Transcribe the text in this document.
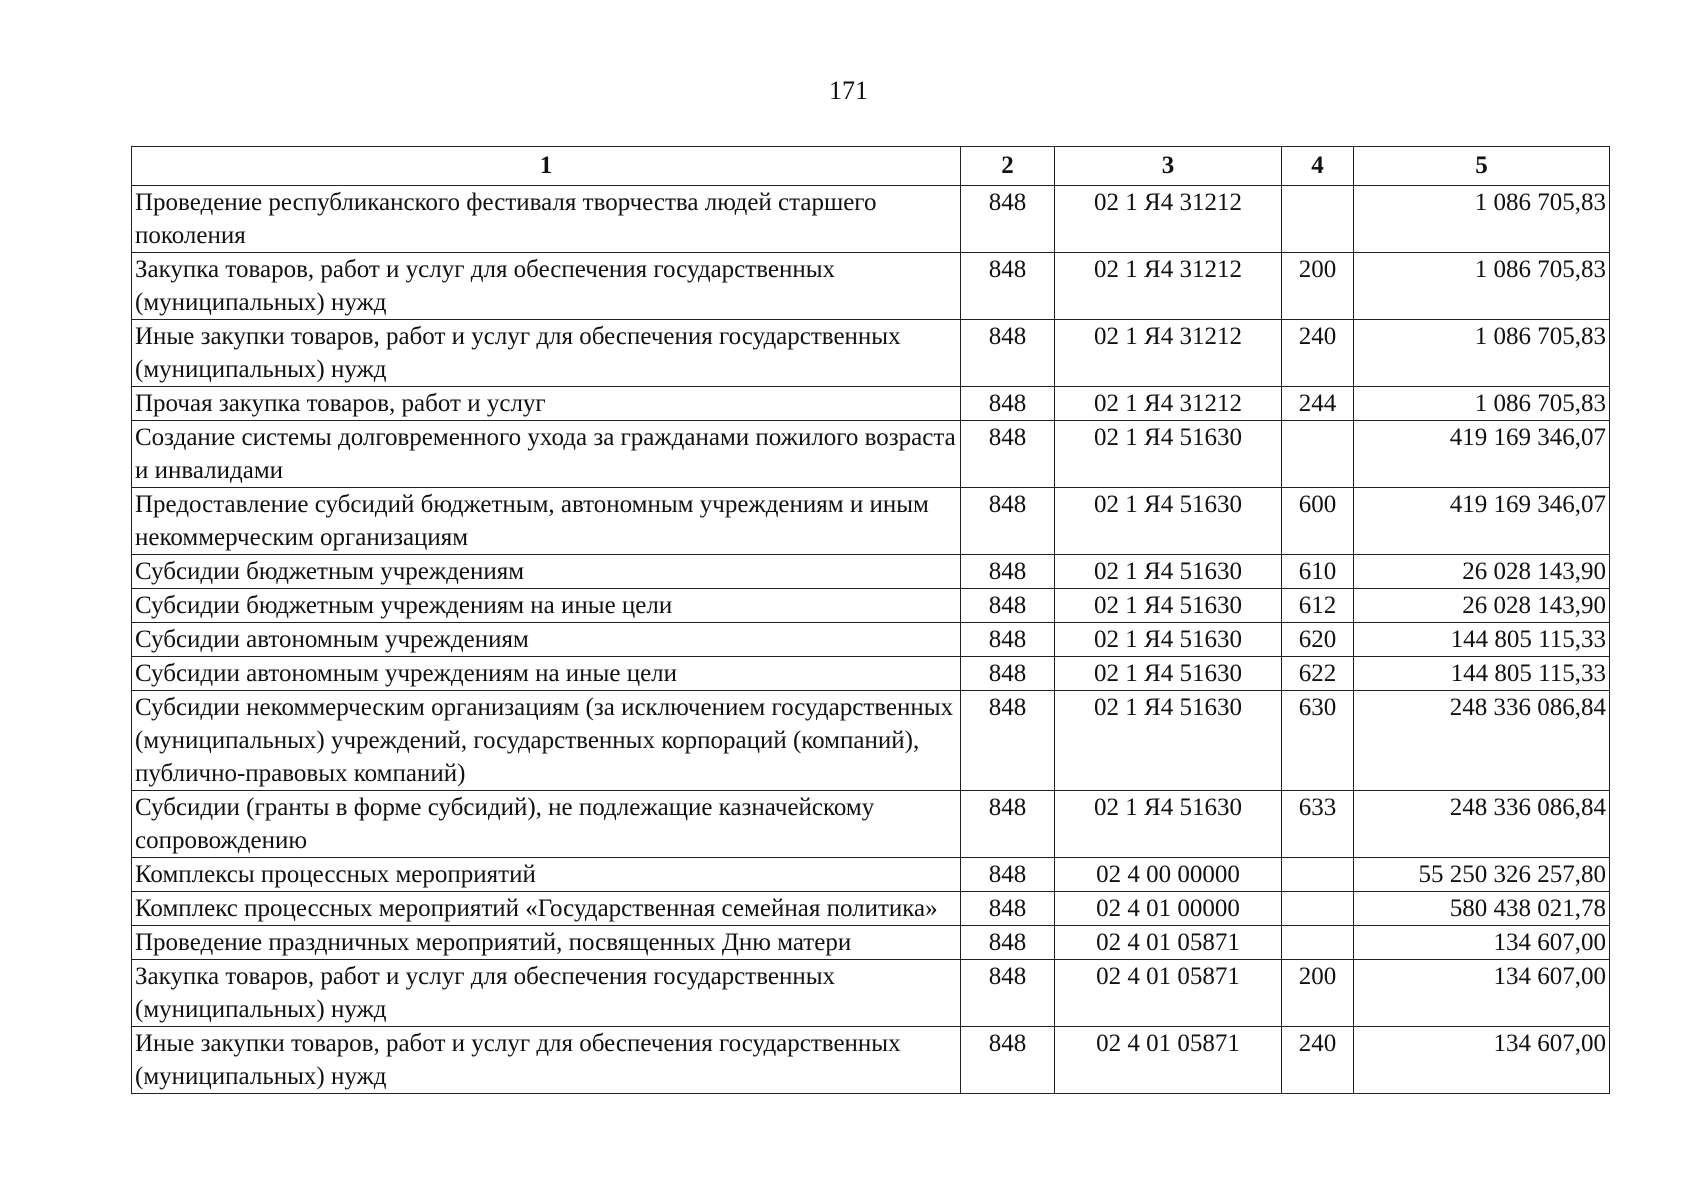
171
1	2	3	4	5
Проведение республиканского фестиваля творчества людей старшего поколения	848	02 1 Я4 31212		1 086 705,83
Закупка товаров, работ и услуг для обеспечения государственных (муниципальных) нужд	848	02 1 Я4 31212	200	1 086 705,83
Иные закупки товаров, работ и услуг для обеспечения государственных (муниципальных) нужд	848	02 1 Я4 31212	240	1 086 705,83
Прочая закупка товаров, работ и услуг	848	02 1 Я4 31212	244	1 086 705,83
Создание системы долговременного ухода за гражданами пожилого возраста и инвалидами	848	02 1 Я4 51630		419 169 346,07
Предоставление субсидий бюджетным, автономным учреждениям и иным некоммерческим организациям	848	02 1 Я4 51630	600	419 169 346,07
Субсидии бюджетным учреждениям	848	02 1 Я4 51630	610	26 028 143,90
Субсидии бюджетным учреждениям на иные цели	848	02 1 Я4 51630	612	26 028 143,90
Субсидии автономным учреждениям	848	02 1 Я4 51630	620	144 805 115,33
Субсидии автономным учреждениям на иные цели	848	02 1 Я4 51630	622	144 805 115,33
Субсидии некоммерческим организациям (за исключением государственных (муниципальных) учреждений, государственных корпораций (компаний), публично-правовых компаний)	848	02 1 Я4 51630	630	248 336 086,84
Субсидии (гранты в форме субсидий), не подлежащие казначейскому сопровождению	848	02 1 Я4 51630	633	248 336 086,84
Комплексы процессных мероприятий	848	02 4 00 00000		55 250 326 257,80
Комплекс процессных мероприятий «Государственная семейная политика»	848	02 4 01 00000		580 438 021,78
Проведение праздничных мероприятий, посвященных Дню матери	848	02 4 01 05871		134 607,00
Закупка товаров, работ и услуг для обеспечения государственных (муниципальных) нужд	848	02 4 01 05871	200	134 607,00
Иные закупки товаров, работ и услуг для обеспечения государственных (муниципальных) нужд	848	02 4 01 05871	240	134 607,00
